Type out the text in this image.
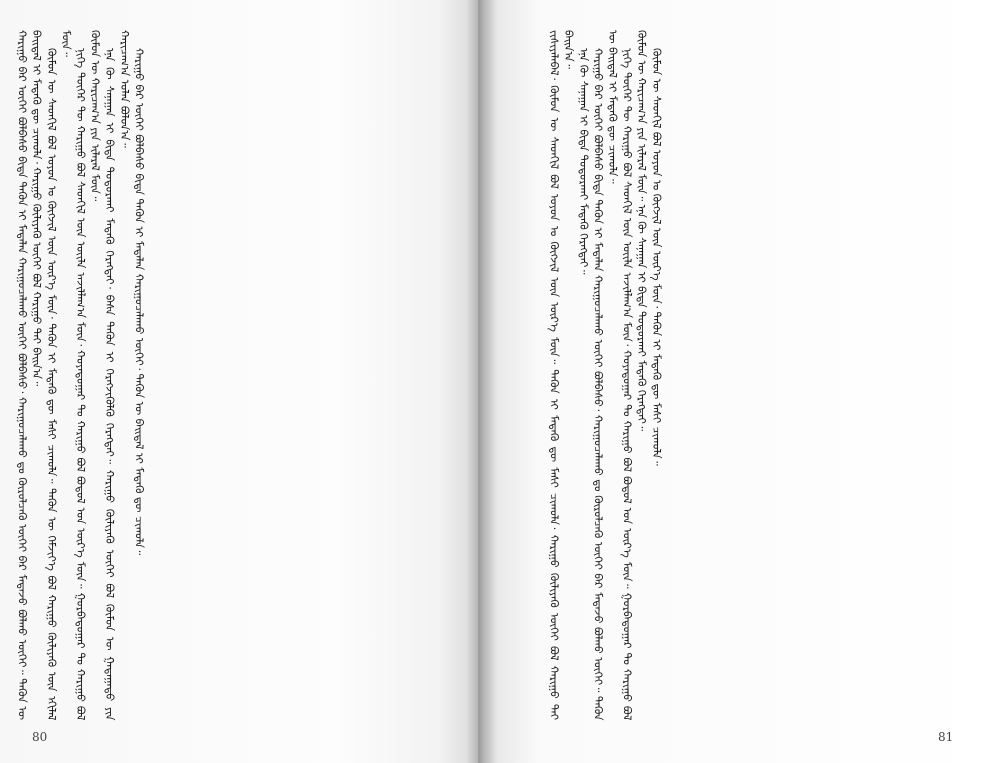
ᠬᠠᠷᠢᠭᠤ ᠪᠡᠷ ᠦᠭᠡᠢ ᠪᠣᠯᠪᠠᠰᠤ ᠪᠢᠳᠡ ᠲᠡᠭᠦᠨ ᠢ ᠮᠠᠳᠠᠯᠠᠨ ᠬᠠᠷᠢᠭᠤᠴᠠᠯᠠᠬᠤ ᠦᠭᠡᠢ ᠪᠣᠯᠪᠠᠰᠤ᠂ ᠬᠠᠷᠢᠭᠤᠴᠠᠯᠠᠬᠤ ᠳᠤ ᠬᠦᠷᠦᠯᠴᠡᠬᠦ ᠦᠭᠡᠢ ᠪᠡᠷ ᠮᠡᠳᠡᠵᠦ ᠪᠣᠯᠬᠤ ᠦᠭᠡᠢ᠃ ᠲᠡᠭᠦᠨ ᠦ ᠪᠠᠢᠳᠠᠯ ᠢ ᠮᠡᠳᠡᠬᠦ ᠳᠦ ᠴᠢᠬᠤᠯᠠ᠂ ᠬᠠᠷᠢᠭᠤ ᠬᠦᠯᠢᠶᠡᠬᠦ ᠦᠭᠡᠢ ᠪᠣᠯ ᠬᠠᠷᠢᠭᠤ ᠲᠠᠢ ᠪᠠᠢᠨ᠎ᠠ᠃ ᠬᠦᠮᠦᠨ ᠦ ᠰᠡᠳᠬᠢᠯ ᠪᠣᠯ ᠣᠶᠤᠨ ᠤ ᠬᠥᠭᠵᠢᠯ ᠦᠨ ᠦᠷ᠎ᠡ ᠮᠥᠨ᠂ ᠲᠡᠭᠦᠨ ᠢ ᠮᠡᠳᠡᠬᠦ ᠳᠦ ᠮᠠᠰᠢ ᠴᠢᠬᠤᠯᠠ᠃ ᠲᠡᠭᠦᠨ ᠦ ᠬᠡᠮᠵᠢᠶ᠎ᠡ ᠪᠣᠯ ᠬᠠᠷᠢᠭᠤ ᠬᠦᠯᠢᠶᠡᠬᠦ ᠦᠨ ᠡᠬᠢᠯᠡᠯ ᠮᠥᠨ᠃

ᠨᠢᠭᠡ ᠳᠦᠭᠡᠷ ᠲᠦ ᠬᠠᠷᠢᠭᠤ ᠪᠣᠯ ᠰᠡᠳᠬᠢᠯ ᠦᠨ ᠦᠢᠯᠡ ᠠᠵᠢᠯᠯᠠᠭ᠎ᠠ ᠮᠥᠨ᠂ ᠬᠣᠶᠠᠳᠤᠭᠠᠷ ᠲᠤ ᠬᠠᠷᠢᠭᠤ ᠪᠣᠯ ᠪᠣᠳᠤᠯ ᠤᠨ ᠦᠷ᠎ᠡ ᠮᠥᠨ᠃ ᠭᠤᠷᠪᠠᠳᠤᠭᠠᠷ ᠲᠤ ᠬᠠᠷᠢᠭᠤ ᠪᠣᠯ ᠬᠦᠮᠦᠨ ᠦ ᠬᠠᠷᠢᠴᠠᠭ᠎ᠠ ᠶᠢᠨ ᠢᠯᠡᠷᠡᠯ ᠮᠥᠨ᠃ ᠡᠨᠡ ᠬᠦ ᠰᠠᠨᠠᠭᠠᠨ ᠢ ᠪᠢᠳᠡ ᠲᠣᠳᠣᠷᠬᠠᠢ ᠮᠡᠳᠡᠬᠦ ᠬᠡᠷᠡᠭᠲᠡᠢ᠂ ᠪᠠᠰᠠ ᠲᠡᠭᠦᠨ ᠢ ᠬᠡᠷᠡᠭᠵᠢᠭᠦᠯᠬᠦ ᠬᠡᠷᠡᠭᠲᠡᠢ᠃ ᠬᠠᠷᠢᠭᠤ ᠬᠦᠯᠢᠶᠡᠬᠦ ᠦᠭᠡᠢ ᠪᠣᠯ ᠬᠦᠮᠦᠨ ᠦ ᠭᠠᠳᠠᠭᠠᠳᠤ ᠶᠢᠨ ᠬᠠᠷᠢᠴᠠᠭ᠎ᠠ ᠣᠯᠠᠨ ᠪᠣᠯᠤᠨ᠎ᠠ᠃ ᠬᠠᠷᠢᠭᠤ ᠪᠡᠷ ᠦᠭᠡᠢ ᠪᠣᠯᠪᠠᠰᠤ ᠪᠢᠳᠡ ᠲᠡᠭᠦᠨ ᠢ ᠮᠠᠳᠠᠯᠠᠨ ᠬᠠᠷᠢᠭᠤᠴᠠᠯᠠᠬᠤ ᠦᠭᠡᠢ᠂ ᠲᠡᠭᠦᠨ ᠦ ᠪᠠᠢᠳᠠᠯ ᠢ ᠮᠡᠳᠡᠬᠦ ᠳᠦ ᠴᠢᠬᠤᠯᠠ᠃

80

ᠵᠢᠱᠢᠶᠡᠯᠡᠪᠡᠯ᠂ ᠬᠦᠮᠦᠨ ᠦ ᠰᠡᠳᠬᠢᠯ ᠪᠣᠯ ᠣᠶᠤᠨ ᠤ ᠬᠥᠭᠵᠢᠯ ᠦᠨ ᠦᠷ᠎ᠡ ᠮᠥᠨ᠃ ᠲᠡᠭᠦᠨ ᠢ ᠮᠡᠳᠡᠬᠦ ᠳᠦ ᠮᠠᠰᠢ ᠴᠢᠬᠤᠯᠠ᠂ ᠬᠠᠷᠢᠭᠤ ᠬᠦᠯᠢᠶᠡᠬᠦ ᠦᠭᠡᠢ ᠪᠣᠯ ᠬᠠᠷᠢᠭᠤ ᠲᠠᠢ ᠪᠠᠢᠨ᠎ᠠ᠃ ᠡᠨᠡ ᠬᠦ ᠰᠠᠨᠠᠭᠠᠨ ᠢ ᠪᠢᠳᠡ ᠲᠣᠳᠣᠷᠬᠠᠢ ᠮᠡᠳᠡᠬᠦ ᠬᠡᠷᠡᠭᠲᠡᠢ᠃ ᠬᠠᠷᠢᠭᠤ ᠪᠡᠷ ᠦᠭᠡᠢ ᠪᠣᠯᠪᠠᠰᠤ ᠪᠢᠳᠡ ᠲᠡᠭᠦᠨ ᠢ ᠮᠠᠳᠠᠯᠠᠨ ᠬᠠᠷᠢᠭᠤᠴᠠᠯᠠᠬᠤ ᠦᠭᠡᠢ ᠪᠣᠯᠪᠠᠰᠤ᠂ ᠬᠠᠷᠢᠭᠤᠴᠠᠯᠠᠬᠤ ᠳᠤ ᠬᠦᠷᠦᠯᠴᠡᠬᠦ ᠦᠭᠡᠢ ᠪᠡᠷ ᠮᠡᠳᠡᠵᠦ ᠪᠣᠯᠬᠤ ᠦᠭᠡᠢ᠃ ᠲᠡᠭᠦᠨ ᠦ ᠪᠠᠢᠳᠠᠯ ᠢ ᠮᠡᠳᠡᠬᠦ ᠳᠦ ᠴᠢᠬᠤᠯᠠ᠃ ᠨᠢᠭᠡ ᠳᠦᠭᠡᠷ ᠲᠦ ᠬᠠᠷᠢᠭᠤ ᠪᠣᠯ ᠰᠡᠳᠬᠢᠯ ᠦᠨ ᠦᠢᠯᠡ ᠠᠵᠢᠯᠯᠠᠭ᠎ᠠ ᠮᠥᠨ᠂ ᠬᠣᠶᠠᠳᠤᠭᠠᠷ ᠲᠤ ᠬᠠᠷᠢᠭᠤ ᠪᠣᠯ ᠪᠣᠳᠤᠯ ᠤᠨ ᠦᠷ᠎ᠡ ᠮᠥᠨ᠃ ᠭᠤᠷᠪᠠᠳᠤᠭᠠᠷ ᠲᠤ ᠬᠠᠷᠢᠭᠤ ᠪᠣᠯ ᠬᠦᠮᠦᠨ ᠦ ᠬᠠᠷᠢᠴᠠᠭ᠎ᠠ ᠶᠢᠨ ᠢᠯᠡᠷᠡᠯ ᠮᠥᠨ᠃ ᠡᠨᠡ ᠬᠦ ᠰᠠᠨᠠᠭᠠᠨ ᠢ ᠪᠢᠳᠡ ᠲᠣᠳᠣᠷᠬᠠᠢ ᠮᠡᠳᠡᠬᠦ ᠬᠡᠷᠡᠭᠲᠡᠢ᠃ ᠬᠦᠮᠦᠨ ᠦ ᠰᠡᠳᠬᠢᠯ ᠪᠣᠯ ᠣᠶᠤᠨ ᠤ ᠬᠥᠭᠵᠢᠯ ᠦᠨ ᠦᠷ᠎ᠡ ᠮᠥᠨ᠂ ᠲᠡᠭᠦᠨ ᠢ ᠮᠡᠳᠡᠬᠦ ᠳᠦ ᠮᠠᠰᠢ ᠴᠢᠬᠤᠯᠠ᠃

81
